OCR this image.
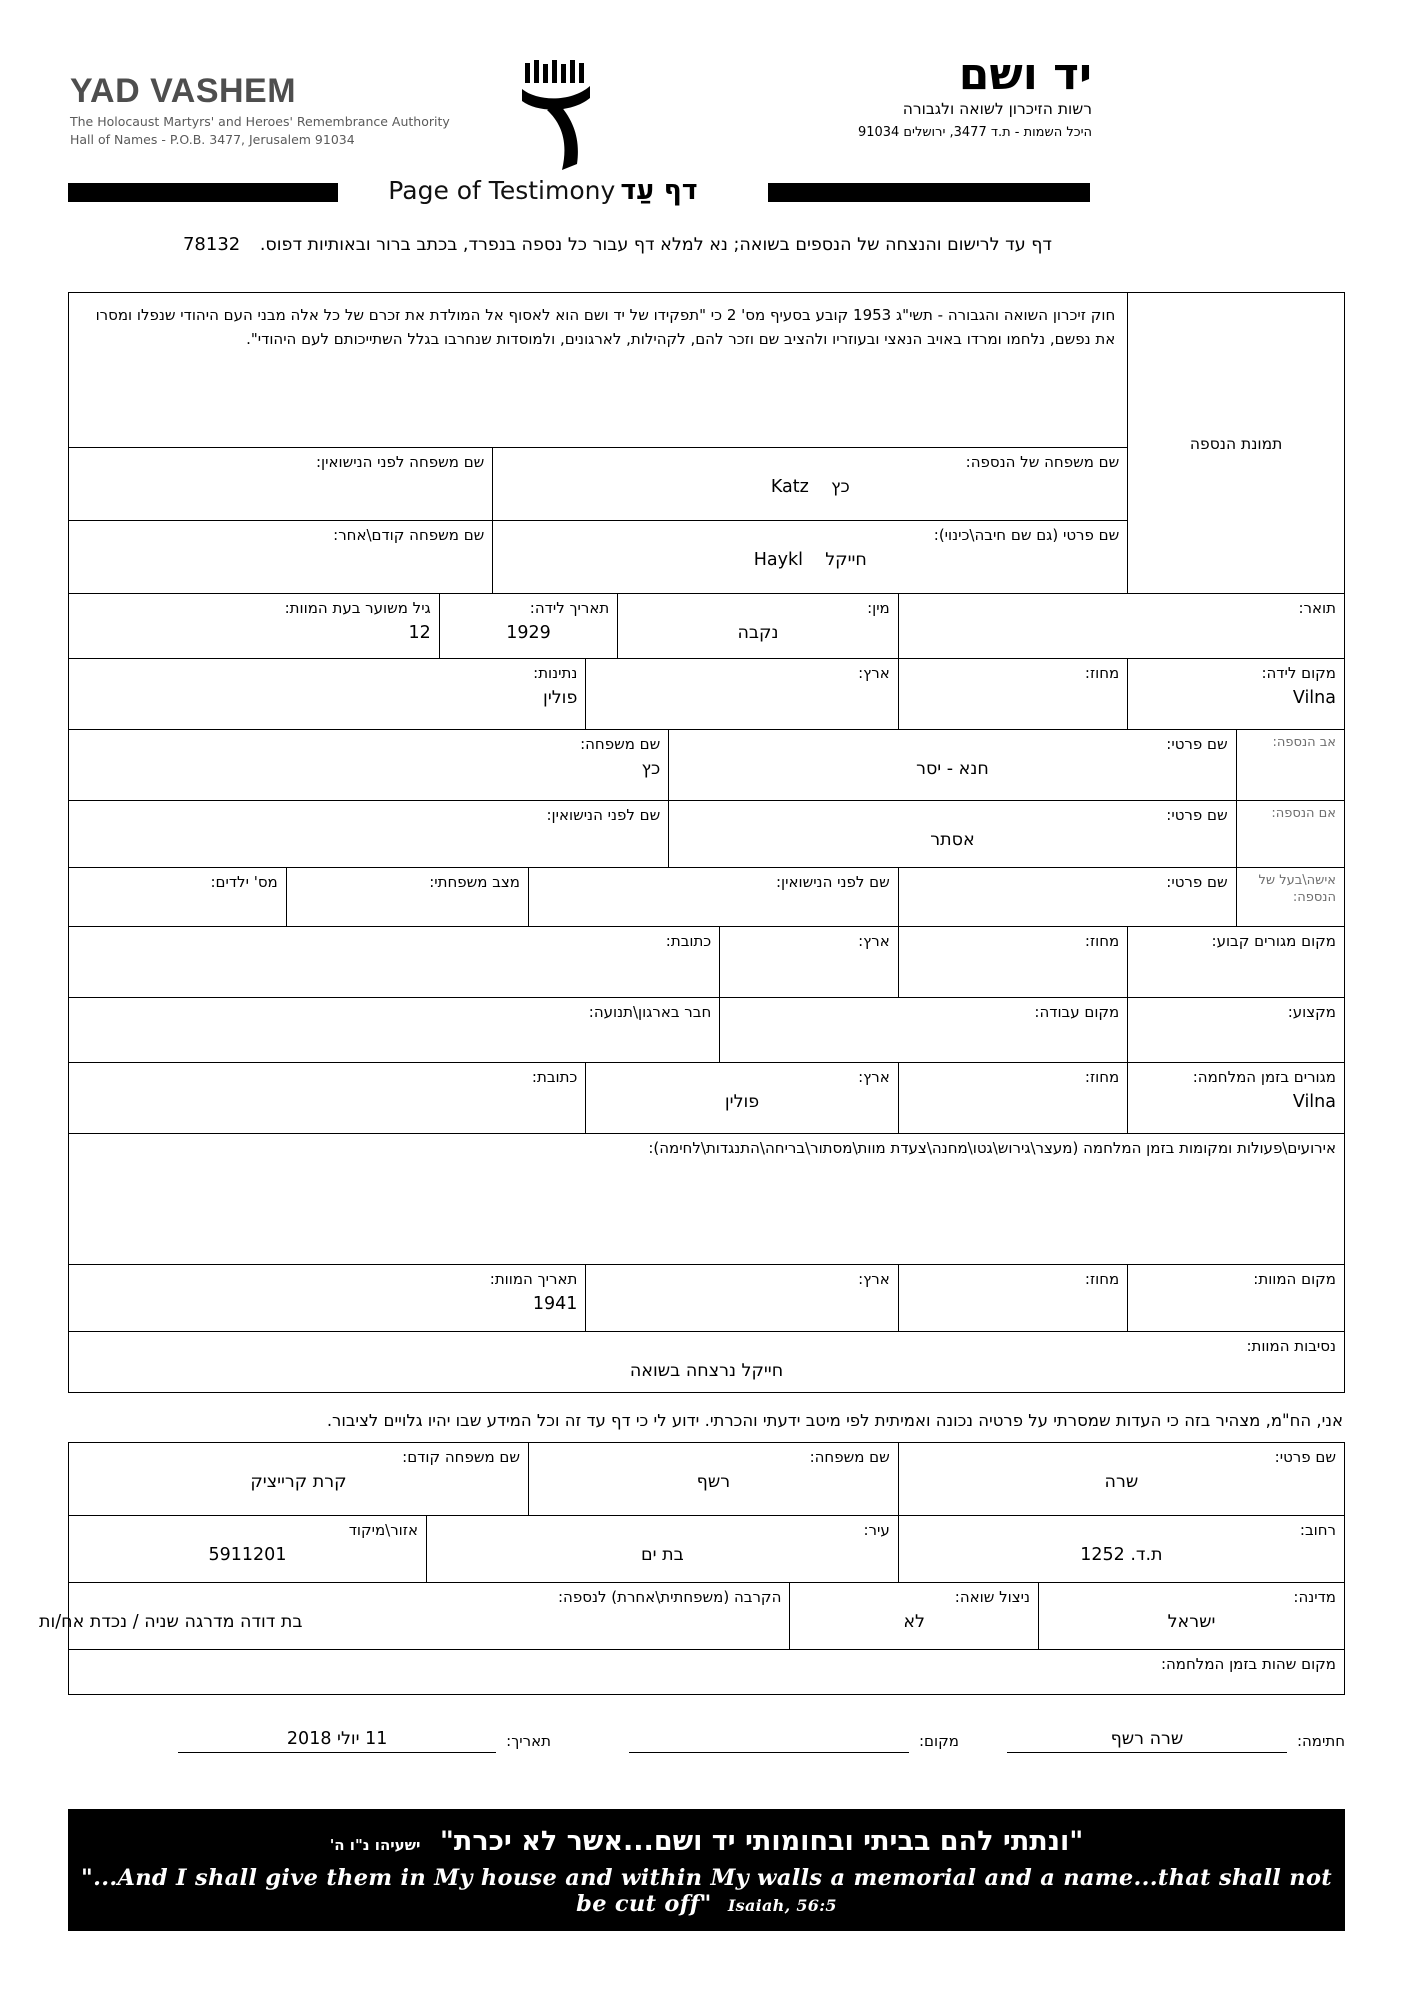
YAD VASHEM
The Holocaust Martyrs' and Heroes' Remembrance Authority
Hall of Names - P.O.B. 3477, Jerusalem 91034
יד ושם
רשות הזיכרון לשואה ולגבורה
היכל השמות - ת.ד 3477, ירושלים 91034
Page of Testimony דף עַד
דף עד לרישום והנצחה של הנספים בשואה; נא למלא דף עבור כל נספה בנפרד, בכתב ברור ובאותיות דפוס. 78132
תמונת הנספה
חוק זיכרון השואה והגבורה - תשי"ג 1953 קובע בסעיף מס' 2 כי "תפקידו של יד ושם הוא לאסוף אל המולדת את זכרם של כל אלה מבני העם היהודי שנפלו ומסרו את נפשם, נלחמו ומרדו באויב הנאצי ובעוזריו ולהציב שם וזכר להם, לקהילות, לארגונים, ולמוסדות שנחרבו בגלל השתייכותם לעם היהודי".
שם משפחה של הנספה:
כץ    Katz
שם משפחה לפני הנישואין:
שם פרטי (גם שם חיבה\כינוי):
חייקל    Haykl
שם משפחה קודם\אחר:
תואר:
מין:
נקבה
תאריך לידה:
1929
גיל משוער בעת המוות:
12
מקום לידה:
Vilna
מחוז:
ארץ:
נתינות:
פולין
אב הנספה:
שם פרטי:
חנא - יסר
שם משפחה:
כץ
אם הנספה:
שם פרטי:
אסתר
שם לפני הנישואין:
אישה\בעל של הנספה:
שם פרטי:
שם לפני הנישואין:
מצב משפחתי:
מס' ילדים:
מקום מגורים קבוע:
מחוז:
ארץ:
כתובת:
מקצוע:
מקום עבודה:
חבר בארגון\תנועה:
מגורים בזמן המלחמה:
Vilna
מחוז:
ארץ:
פולין
כתובת:
אירועים\פעולות ומקומות בזמן המלחמה (מעצר\גירוש\גטו\מחנה\צעדת מוות\מסתור\בריחה\התנגדות\לחימה):
מקום המוות:
מחוז:
ארץ:
תאריך המוות:
1941
נסיבות המוות:
חייקל נרצחה בשואה
אני, הח"מ, מצהיר בזה כי העדות שמסרתי על פרטיה נכונה ואמיתית לפי מיטב ידעתי והכרתי. ידוע לי כי דף עד זה וכל המידע שבו יהיו גלויים לציבור.
שם פרטי:
שרה
שם משפחה:
רשף
שם משפחה קודם:
קרת קרייציק
רחוב:
ת.ד. 1252
עיר:
בת ים
אזור\מיקוד
5911201
מדינה:
ישראל
ניצול שואה:
לא
הקרבה (משפחתית\אחרת) לנספה:
בת דודה מדרגה שניה / נכדת אח/ות
מקום שהות בזמן המלחמה:
חתימה:
שרה רשף
מקום:
תאריך:
11 יולי 2018
"ונתתי להם בביתי ובחומותי יד ושם...אשר לא יכרת" ישעיהו נ"ו ה'
"...And I shall give them in My house and within My walls a memorial and a name...that shall not be cut off" Isaiah, 56:5
